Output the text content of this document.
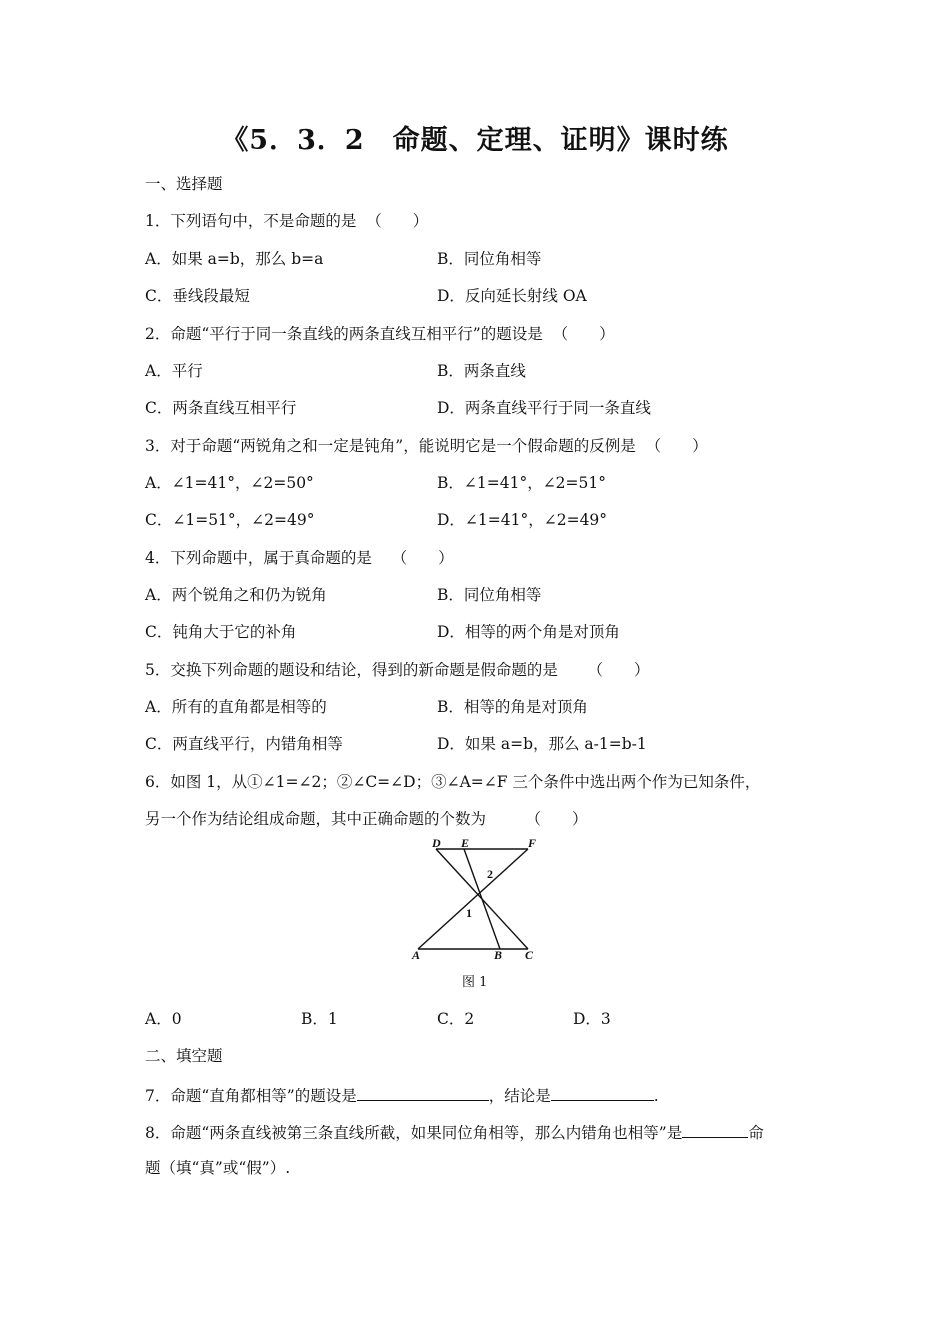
《5．3．2　命题、定理、证明》课时练
一、选择题
1．下列语句中，不是命题的是 （　　）
A．如果 a=b，那么 b=a	B．同位角相等
C．垂线段最短	D．反向延长射线 OA
2．命题“平行于同一条直线的两条直线互相平行”的题设是 （　　）
A．平行	B．两条直线
C．两条直线互相平行	D．两条直线平行于同一条直线
3．对于命题“两锐角之和一定是钝角”，能说明它是一个假命题的反例是 （　　）
A．∠1=41°，∠2=50°	B．∠1=41°，∠2=51°
C．∠1=51°，∠2=49°	D．∠1=41°，∠2=49°
4．下列命题中，属于真命题的是 （　　）
A．两个锐角之和仍为锐角	B．同位角相等
C．钝角大于它的补角	D．相等的两个角是对顶角
5．交换下列命题的题设和结论，得到的新命题是假命题的是 （　　）
A．所有的直角都是相等的	B．相等的角是对顶角
C．两直线平行，内错角相等	D．如果 a=b，那么 a-1=b-1
6．如图 1，从①∠1=∠2；②∠C=∠D；③∠A=∠F 三个条件中选出两个作为已知条件，
另一个作为结论组成命题，其中正确命题的个数为	（　　）
D E	F
A	B C
2
1
图 1
A．0	B．1	C．2	D．3
二、填空题
7．命题“直角都相等”的题设是	，结论是	.
8．命题“两条直线被第三条直线所截，如果同位角相等，那么内错角也相等”是	命
题（填“真”或“假”）.
